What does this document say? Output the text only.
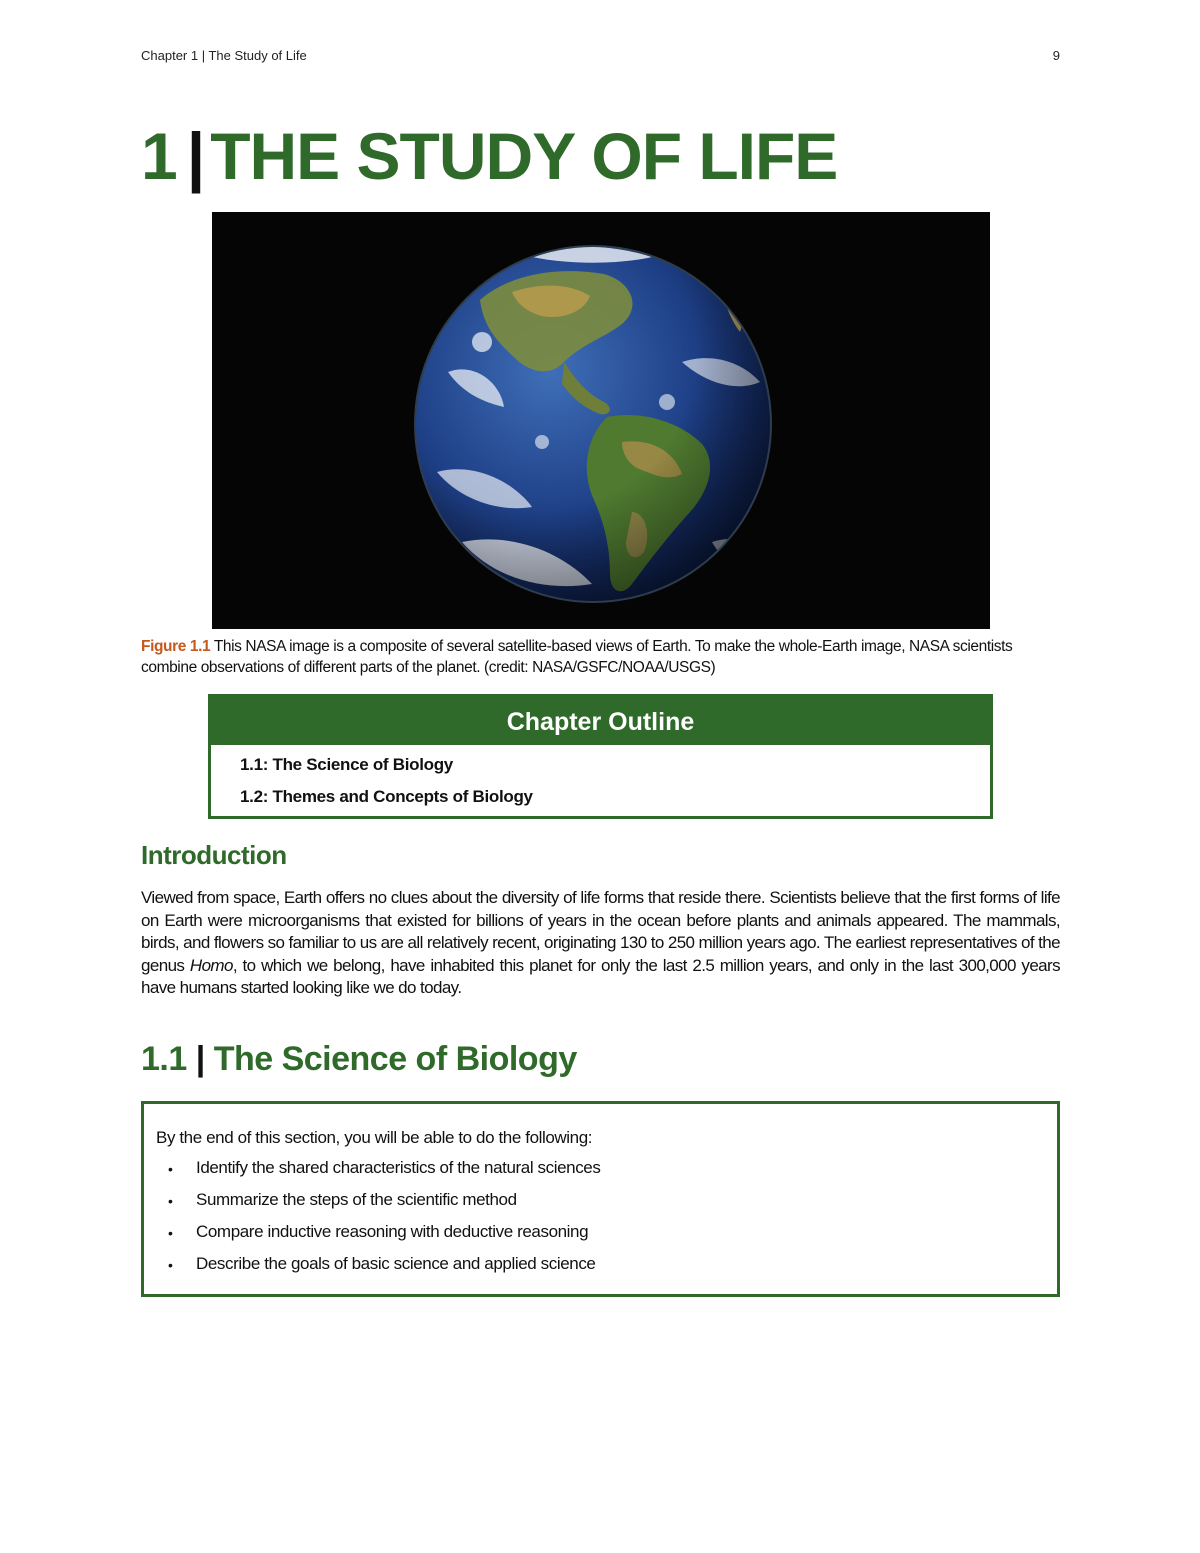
Chapter 1 | The Study of Life	9
1 |THE STUDY OF LIFE
Figure 1.1 This NASA image is a composite of several satellite-based views of Earth. To make the whole-Earth image, NASA scientists combine observations of different parts of the planet. (credit: NASA/GSFC/NOAA/USGS)
Chapter Outline
1.1: The Science of Biology
1.2: Themes and Concepts of Biology
Introduction

Viewed from space, Earth offers no clues about the diversity of life forms that reside there. Scientists believe that the first forms of life on Earth were microorganisms that existed for billions of years in the ocean before plants and animals appeared. The mammals, birds, and flowers so familiar to us are all relatively recent, originating 130 to 250 million years ago. The earliest representatives of the genus Homo, to which we belong, have inhabited this planet for only the last 2.5 million years, and only in the last 300,000 years have humans started looking like we do today.

1.1 | The Science of Biology
By the end of this section, you will be able to do the following:
•	Identify the shared characteristics of the natural sciences
•	Summarize the steps of the scientific method
•	Compare inductive reasoning with deductive reasoning
•	Describe the goals of basic science and applied science
